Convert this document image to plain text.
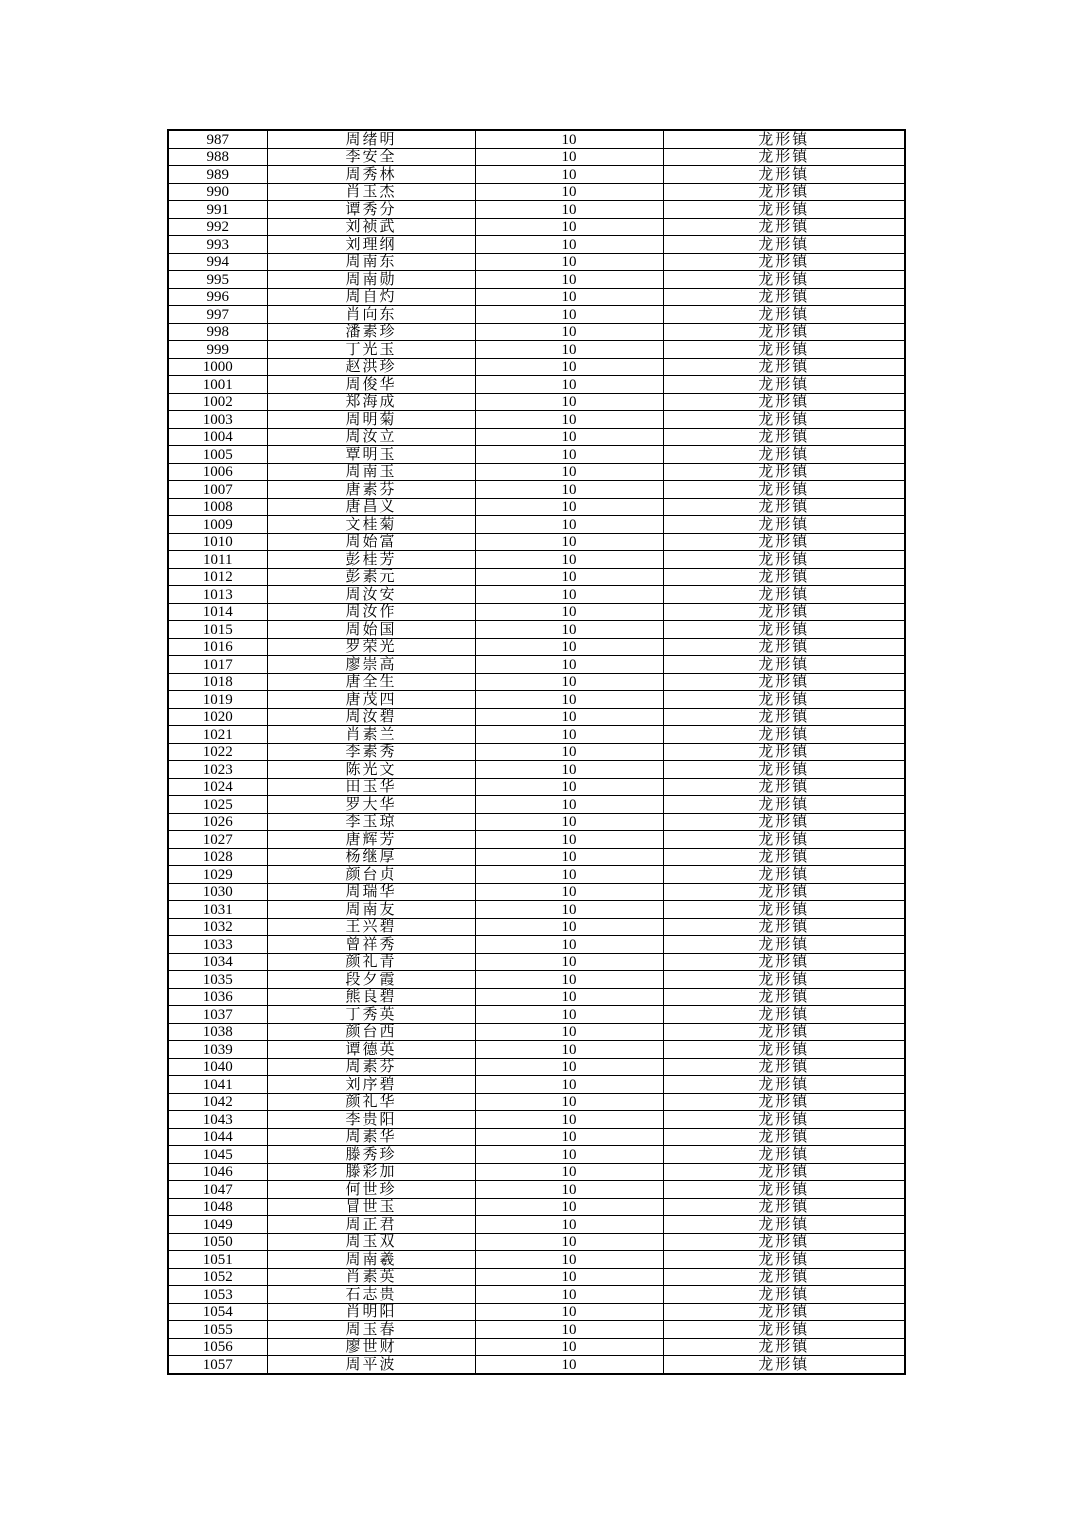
987	周绪明	10	龙形镇
988	李安全	10	龙形镇
989	周秀林	10	龙形镇
990	肖玉杰	10	龙形镇
991	谭秀分	10	龙形镇
992	刘祯武	10	龙形镇
993	刘理纲	10	龙形镇
994	周南东	10	龙形镇
995	周南勋	10	龙形镇
996	周自灼	10	龙形镇
997	肖向东	10	龙形镇
998	潘素珍	10	龙形镇
999	丁光玉	10	龙形镇
1000	赵洪珍	10	龙形镇
1001	周俊华	10	龙形镇
1002	郑海成	10	龙形镇
1003	周明菊	10	龙形镇
1004	周汝立	10	龙形镇
1005	覃明玉	10	龙形镇
1006	周南玉	10	龙形镇
1007	唐素芬	10	龙形镇
1008	唐昌义	10	龙形镇
1009	文桂菊	10	龙形镇
1010	周始富	10	龙形镇
1011	彭桂芳	10	龙形镇
1012	彭素元	10	龙形镇
1013	周汝安	10	龙形镇
1014	周汝作	10	龙形镇
1015	周始国	10	龙形镇
1016	罗荣光	10	龙形镇
1017	廖崇高	10	龙形镇
1018	唐全生	10	龙形镇
1019	唐茂四	10	龙形镇
1020	周汝碧	10	龙形镇
1021	肖素兰	10	龙形镇
1022	李素秀	10	龙形镇
1023	陈光文	10	龙形镇
1024	田玉华	10	龙形镇
1025	罗大华	10	龙形镇
1026	李玉琼	10	龙形镇
1027	唐辉芳	10	龙形镇
1028	杨继厚	10	龙形镇
1029	颜台贞	10	龙形镇
1030	周瑞华	10	龙形镇
1031	周南友	10	龙形镇
1032	王兴碧	10	龙形镇
1033	曾祥秀	10	龙形镇
1034	颜礼青	10	龙形镇
1035	段夕霞	10	龙形镇
1036	熊良碧	10	龙形镇
1037	丁秀英	10	龙形镇
1038	颜台西	10	龙形镇
1039	谭德英	10	龙形镇
1040	周素芬	10	龙形镇
1041	刘序碧	10	龙形镇
1042	颜礼华	10	龙形镇
1043	李贵阳	10	龙形镇
1044	周素华	10	龙形镇
1045	滕秀珍	10	龙形镇
1046	滕彩加	10	龙形镇
1047	何世珍	10	龙形镇
1048	冒世玉	10	龙形镇
1049	周正君	10	龙形镇
1050	周玉双	10	龙形镇
1051	周南羲	10	龙形镇
1052	肖素英	10	龙形镇
1053	石志贵	10	龙形镇
1054	肖明阳	10	龙形镇
1055	周玉春	10	龙形镇
1056	廖世财	10	龙形镇
1057	周平波	10	龙形镇
